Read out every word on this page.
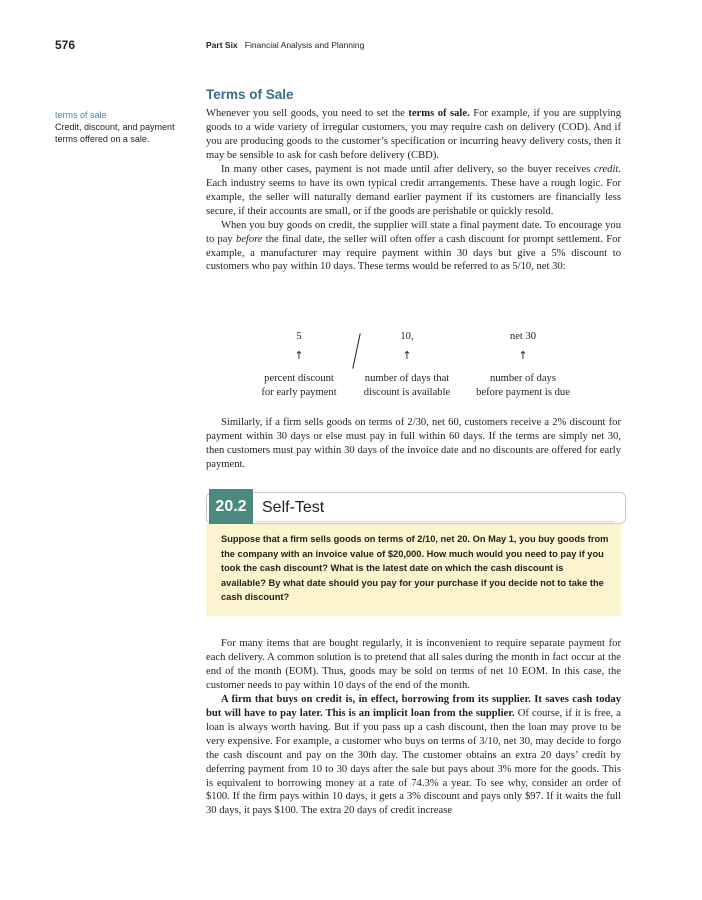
576	Part Six Financial Analysis and Planning
Terms of Sale
terms of sale
Credit, discount, and payment terms offered on a sale.

Whenever you sell goods, you need to set the terms of sale. For example, if you are supplying goods to a wide variety of irregular customers, you may require cash on delivery (COD). And if you are producing goods to the customer’s specification or incurring heavy delivery costs, then it may be sensible to ask for cash before delivery (CBD).

In many other cases, payment is not made until after delivery, so the buyer receives credit. Each industry seems to have its own typical credit arrangements. These have a rough logic. For example, the seller will naturally demand earlier payment if its customers are financially less secure, if their accounts are small, or if the goods are perishable or quickly resold.

When you buy goods on credit, the supplier will state a final payment date. To encourage you to pay before the final date, the seller will often offer a cash discount for prompt settlement. For example, a manufacturer may require payment within 30 days but give a 5% discount to customers who pay within 10 days. These terms would be referred to as 5/10, net 30:

5	10,	net 30
↑	↑	↑
percent discount
for early payment
number of days that
discount is available
number of days
before payment is due

Similarly, if a firm sells goods on terms of 2/30, net 60, customers receive a 2% discount for payment within 30 days or else must pay in full within 60 days. If the terms are simply net 30, then customers must pay within 30 days of the invoice date and no discounts are offered for early payment.

20.2 Self-Test
Suppose that a firm sells goods on terms of 2/10, net 20. On May 1, you buy goods from the company with an invoice value of $20,000. How much would you need to pay if you took the cash discount? What is the latest date on which the cash discount is available? By what date should you pay for your purchase if you decide not to take the cash discount?

For many items that are bought regularly, it is inconvenient to require separate payment for each delivery. A common solution is to pretend that all sales during the month in fact occur at the end of the month (EOM). Thus, goods may be sold on terms of net 10 EOM. In this case, the customer needs to pay within 10 days of the end of the month.

A firm that buys on credit is, in effect, borrowing from its supplier. It saves cash today but will have to pay later. This is an implicit loan from the supplier. Of course, if it is free, a loan is always worth having. But if you pass up a cash discount, then the loan may prove to be very expensive. For example, a customer who buys on terms of 3/10, net 30, may decide to forgo the cash discount and pay on the 30th day. The customer obtains an extra 20 days’ credit by deferring payment from 10 to 30 days after the sale but pays about 3% more for the goods. This is equivalent to borrowing money at a rate of 74.3% a year. To see why, consider an order of $100. If the firm pays within 10 days, it gets a 3% discount and pays only $97. If it waits the full 30 days, it pays $100. The extra 20 days of credit increase
